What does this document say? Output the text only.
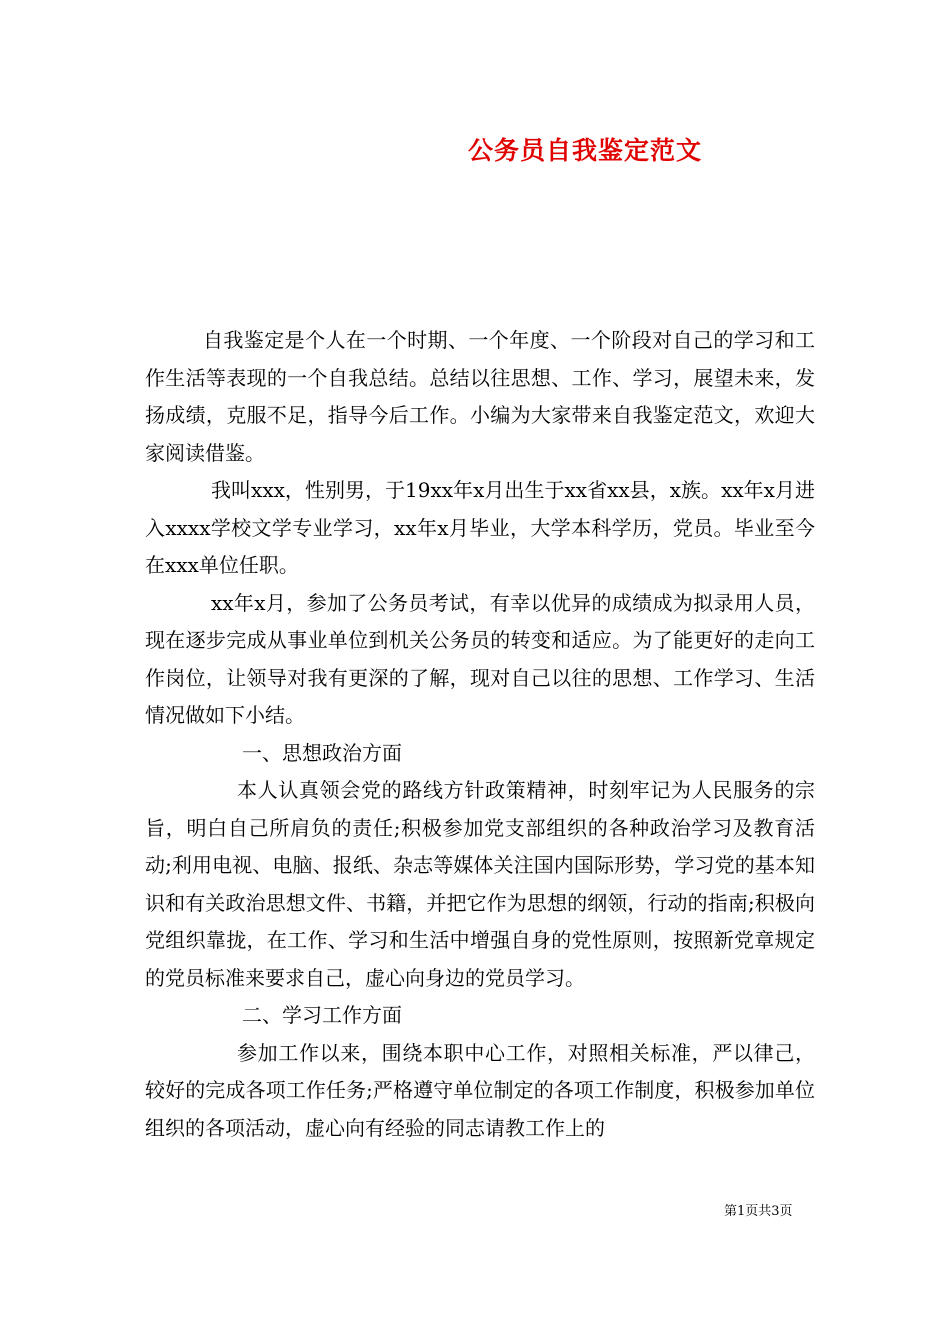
公务员自我鉴定范文

自我鉴定是个人在一个时期、一个年度、一个阶段对自己的学习和工作生活等表现的一个自我总结。总结以往思想、工作、学习，展望未来，发扬成绩，克服不足，指导今后工作。小编为大家带来自我鉴定范文，欢迎大家阅读借鉴。

我叫xxx，性别男，于19xx年x月出生于xx省xx县，x族。xx年x月进入xxxx学校文学专业学习，xx年x月毕业，大学本科学历，党员。毕业至今在xxx单位任职。

xx年x月，参加了公务员考试，有幸以优异的成绩成为拟录用人员，现在逐步完成从事业单位到机关公务员的转变和适应。为了能更好的走向工作岗位，让领导对我有更深的了解，现对自己以往的思想、工作学习、生活情况做如下小结。

一、思想政治方面

本人认真领会党的路线方针政策精神，时刻牢记为人民服务的宗旨，明白自己所肩负的责任;积极参加党支部组织的各种政治学习及教育活动;利用电视、电脑、报纸、杂志等媒体关注国内国际形势，学习党的基本知识和有关政治思想文件、书籍，并把它作为思想的纲领，行动的指南;积极向党组织靠拢，在工作、学习和生活中增强自身的党性原则，按照新党章规定的党员标准来要求自己，虚心向身边的党员学习。

二、学习工作方面

参加工作以来，围绕本职中心工作，对照相关标准，严以律己，较好的完成各项工作任务;严格遵守单位制定的各项工作制度，积极参加单位组织的各项活动，虚心向有经验的同志请教工作上的

第1页共3页
